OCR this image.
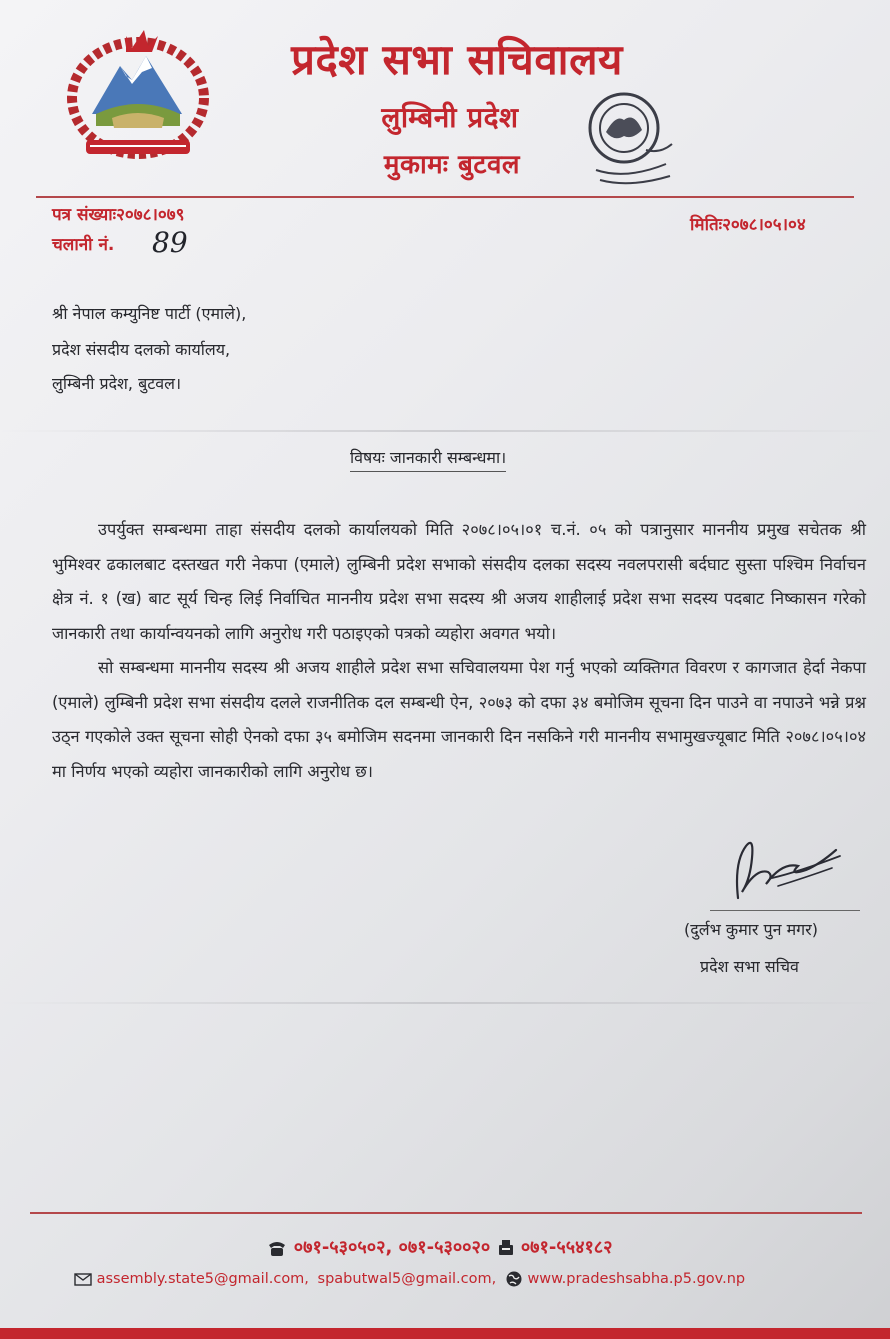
प्रदेश सभा सचिवालय
लुम्बिनी प्रदेश
मुकामः बुटवल
पत्र संख्याः२०७८।०७९	मितिः२०७८।०५।०४
चलानी नं. 89
श्री नेपाल कम्युनिष्ट पार्टी (एमाले),
प्रदेश संसदीय दलको कार्यालय,
लुम्बिनी प्रदेश, बुटवल।
विषयः जानकारी सम्बन्धमा।

उपर्युक्त सम्बन्धमा ताहा संसदीय दलको कार्यालयको मिति २०७८।०५।०१ च.नं. ०५ को पत्रानुसार माननीय प्रमुख सचेतक श्री भुमिश्वर ढकालबाट दस्तखत गरी नेकपा (एमाले) लुम्बिनी प्रदेश सभाको संसदीय दलका सदस्य नवलपरासी बर्दघाट सुस्ता पश्चिम निर्वाचन क्षेत्र नं. १ (ख) बाट सूर्य चिन्ह लिई निर्वाचित माननीय प्रदेश सभा सदस्य श्री अजय शाहीलाई प्रदेश सभा सदस्य पदबाट निष्कासन गरेको जानकारी तथा कार्यान्वयनको लागि अनुरोध गरी पठाइएको पत्रको व्यहोरा अवगत भयो।

सो सम्बन्धमा माननीय सदस्य श्री अजय शाहीले प्रदेश सभा सचिवालयमा पेश गर्नु भएको व्यक्तिगत विवरण र कागजात हेर्दा नेकपा (एमाले) लुम्बिनी प्रदेश सभा संसदीय दलले राजनीतिक दल सम्बन्धी ऐन, २०७३ को दफा ३४ बमोजिम सूचना दिन पाउने वा नपाउने भन्ने प्रश्न उठ्न गएकोले उक्त सूचना सोही ऐनको दफा ३५ बमोजिम सदनमा जानकारी दिन नसकिने गरी माननीय सभामुखज्यूबाट मिति २०७८।०५।०४ मा निर्णय भएको व्यहोरा जानकारीको लागि अनुरोध छ।

(दुर्लभ कुमार पुन मगर)
प्रदेश सभा सचिव
०७१-५३०५०२, ०७१-५३००२०  ०७१-५५४१८२
assembly.state5@gmail.com, spabutwal5@gmail.com, www.pradeshsabha.p5.gov.np
